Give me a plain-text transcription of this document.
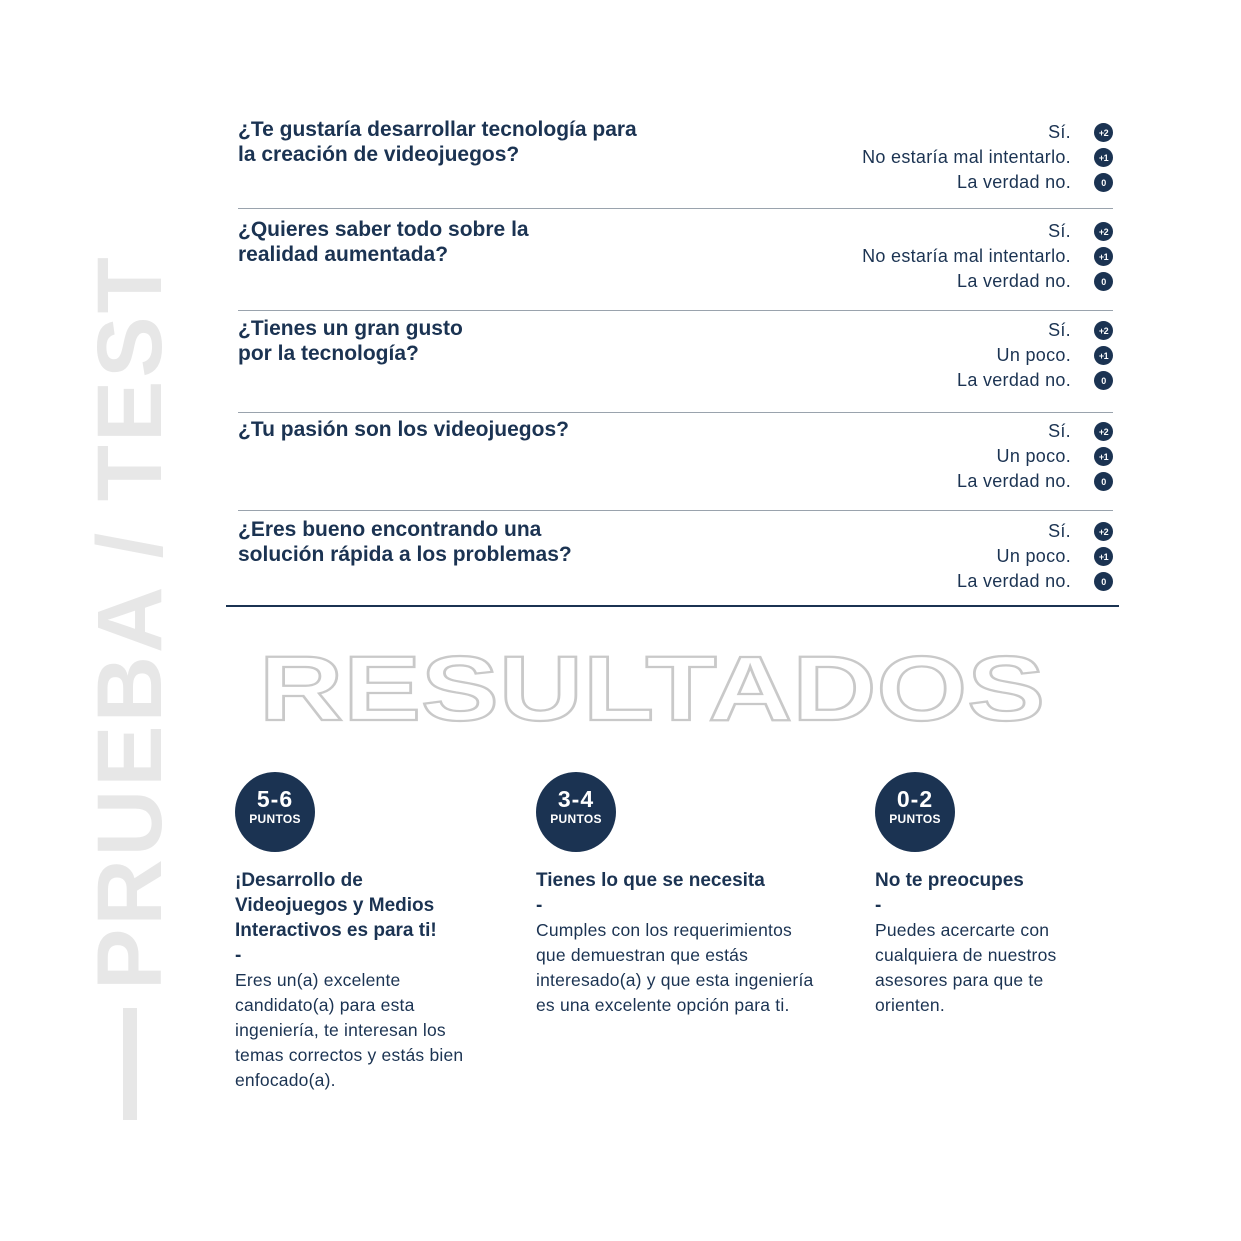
PRUEBA / TEST
¿Te gustaría desarrollar tecnología para la creación de videojuegos?
Sí.	+2
No estaría mal intentarlo.	+1
La verdad no.	0
¿Quieres saber todo sobre la realidad aumentada?
Sí.	+2
No estaría mal intentarlo.	+1
La verdad no.	0
¿Tienes un gran gusto por la tecnología?
Sí.	+2
Un poco.	+1
La verdad no.	0
¿Tu pasión son los videojuegos?	Sí.	+2
Un poco.	+1
La verdad no.	0
¿Eres bueno encontrando una solución rápida a los problemas?
Sí.	+2
Un poco.	+1
La verdad no.	0
RESULTADOS
5-6
PUNTOS
¡Desarrollo de Videojuegos y Medios Interactivos es para ti!
-
Eres un(a) excelente candidato(a) para esta ingeniería, te interesan los temas correctos y estás bien enfocado(a).
3-4
PUNTOS
Tienes lo que se necesita
-
Cumples con los requerimientos que demuestran que estás interesado(a) y que esta ingeniería es una excelente opción para ti.
0-2
PUNTOS
No te preocupes
-
Puedes acercarte con cualquiera de nuestros asesores para que te orienten.
